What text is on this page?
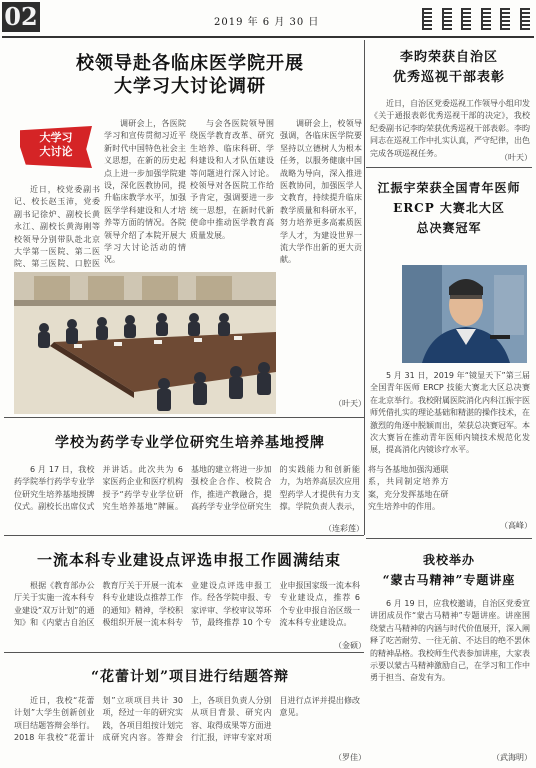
02	2019 年 6 月 30 日
校领导赴各临床医学院开展
大学习大讨论调研
大学习
大讨论

近日，校党委副书记、校长赵玉沛，党委副书记徐炉、副校长黄永江、副校长黄海刚等校领导分别带队赴北京大学第一医院、第二医院、第三医院、口腔医

调研会上，各医院学习和宣传贯彻习近平新时代中国特色社会主义思想，在新的历史起点上进一步加强学院建设，深化医教协同，提升临床教学水平，加强医学学科建设和人才培养等方面的情况。各院领导介绍了本院开展大学习大讨论活动的情况。

与会各医院领导围绕医学教育改革、研究生培养、临床科研、学科建设和人才队伍建设等问题进行深入讨论。校领导对各医院工作给予肯定，强调要进一步统一思想，在新时代新使命中推动医学教育高质量发展。

调研会上，校领导强调，各临床医学院要坚持以立德树人为根本任务，以服务健康中国战略为导向，深入推进医教协同，加强医学人文教育，持续提升临床教学质量和科研水平，努力培养更多高素质医学人才，为建设世界一流大学作出新的更大贡献。

（叶天）
学校为药学专业学位研究生培养基地授牌

6 月 17 日，我校药学院举行药学专业学位研究生培养基地授牌仪式。副校长出席仪式并讲话。此次共为 6 家医药企业和医疗机构授予“药学专业学位研究生培养基地”牌匾。基地的建立将进一步加强校企合作、校院合作，推进产教融合，提高药学专业学位研究生的实践能力和创新能力，为培养高层次应用型药学人才提供有力支撑。学院负责人表示，将与各基地加强沟通联系，共同制定培养方案，充分发挥基地在研究生培养中的作用。

（连彩莲）
一流本科专业建设点评选申报工作圆满结束

根据《教育部办公厅关于实施一流本科专业建设“双万计划”的通知》和《内蒙古自治区教育厅关于开展一流本科专业建设点推荐工作的通知》精神，学校积极组织开展一流本科专业建设点评选申报工作。经各学院申报、专家评审、学校审议等环节，最终推荐 10 个专业申报国家级一流本科专业建设点，推荐 6 个专业申报自治区级一流本科专业建设点。

（金硕）
“花蕾计划”项目进行结题答辩

近日，我校“花蕾计划”大学生创新创业项目结题答辩会举行。2018 年我校“花蕾计划”立项项目共计 30 项，经过一年的研究实践，各项目组按计划完成研究内容。答辩会上，各项目负责人分别从项目背景、研究内容、取得成果等方面进行汇报，评审专家对项目进行点评并提出修改意见。

（罗佳）
李昀荣获自治区
优秀巡视干部表彰

近日，自治区党委巡视工作领导小组印发《关于通报表彰优秀巡视干部的决定》，我校纪委副书记李昀荣获优秀巡视干部表彰。李昀同志在巡视工作中扎实认真，严守纪律，出色完成各项巡视任务。	（叶天）
江振宇荣获全国青年医师
ERCP 大赛北大区
总决赛冠军

5 月 31 日，2019 年“镜显天下”第三届全国青年医师 ERCP 技能大赛北大区总决赛在北京举行。我校附属医院消化内科江振宇医师凭借扎实的理论基础和精湛的操作技术，在激烈的角逐中脱颖而出，荣获总决赛冠军。本次大赛旨在推动青年医师内镜技术规范化发展，提高消化内镜诊疗水平。

（高峰）
我校举办
“蒙古马精神”专题讲座

6 月 19 日，应我校邀请，自治区党委宣讲团成员作“蒙古马精神”专题讲座。讲座围绕蒙古马精神的内涵与时代价值展开，深入阐释了吃苦耐劳、一往无前、不达目的绝不罢休的精神品格。我校师生代表参加讲座，大家表示要以蒙古马精神激励自己，在学习和工作中勇于担当、奋发有为。

（武海明）
